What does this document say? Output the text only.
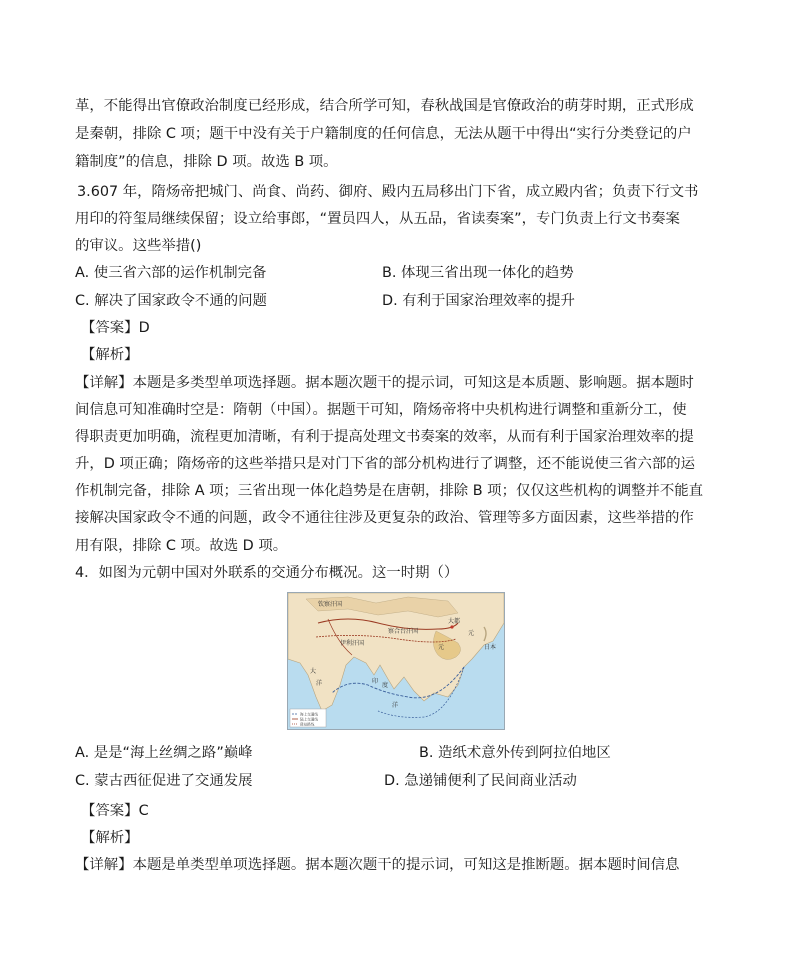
革，不能得出官僚政治制度已经形成，结合所学可知，春秋战国是官僚政治的萌芽时期，正式形成
是秦朝，排除 C 项；题干中没有关于户籍制度的任何信息，无法从题干中得出“实行分类登记的户
籍制度”的信息，排除 D 项。故选 B 项。
3.607 年，隋炀帝把城门、尚食、尚药、御府、殿内五局移出门下省，成立殿内省；负责下行文书
用印的符玺局继续保留；设立给事郎，“置员四人，从五品，省读奏案”，专门负责上行文书奏案
的审议。这些举措()
A. 使三省六部的运作机制完备	B. 体现三省出现一体化的趋势
C. 解决了国家政令不通的问题	D. 有利于国家治理效率的提升
【答案】D
【解析】
【详解】本题是多类型单项选择题。据本题次题干的提示词，可知这是本质题、影响题。据本题时
间信息可知准确时空是：隋朝（中国）。据题干可知，隋炀帝将中央机构进行调整和重新分工，使
得职责更加明确，流程更加清晰，有利于提高处理文书奏案的效率，从而有利于国家治理效率的提
升，D 项正确；隋炀帝的这些举措只是对门下省的部分机构进行了调整，还不能说使三省六部的运
作机制完备，排除 A 项；三省出现一体化趋势是在唐朝，排除 B 项；仅仅这些机构的调整并不能直
接解决国家政令不通的问题，政令不通往往涉及更复杂的政治、管理等多方面因素，这些举措的作
用有限，排除 C 项。故选 D 项。
4．如图为元朝中国对外联系的交通分布概况。这一时期（）
钦察汗国
伊利汗国
察合台汗国
大都
元
日本
元
大
洋	印
度
洋
海上交通线
陆上交通线
驿站路线
A. 是是“海上丝绸之路”巅峰	B. 造纸术意外传到阿拉伯地区
C. 蒙古西征促进了交通发展	D. 急递铺便利了民间商业活动
【答案】C
【解析】
【详解】本题是单类型单项选择题。据本题次题干的提示词，可知这是推断题。据本题时间信息
